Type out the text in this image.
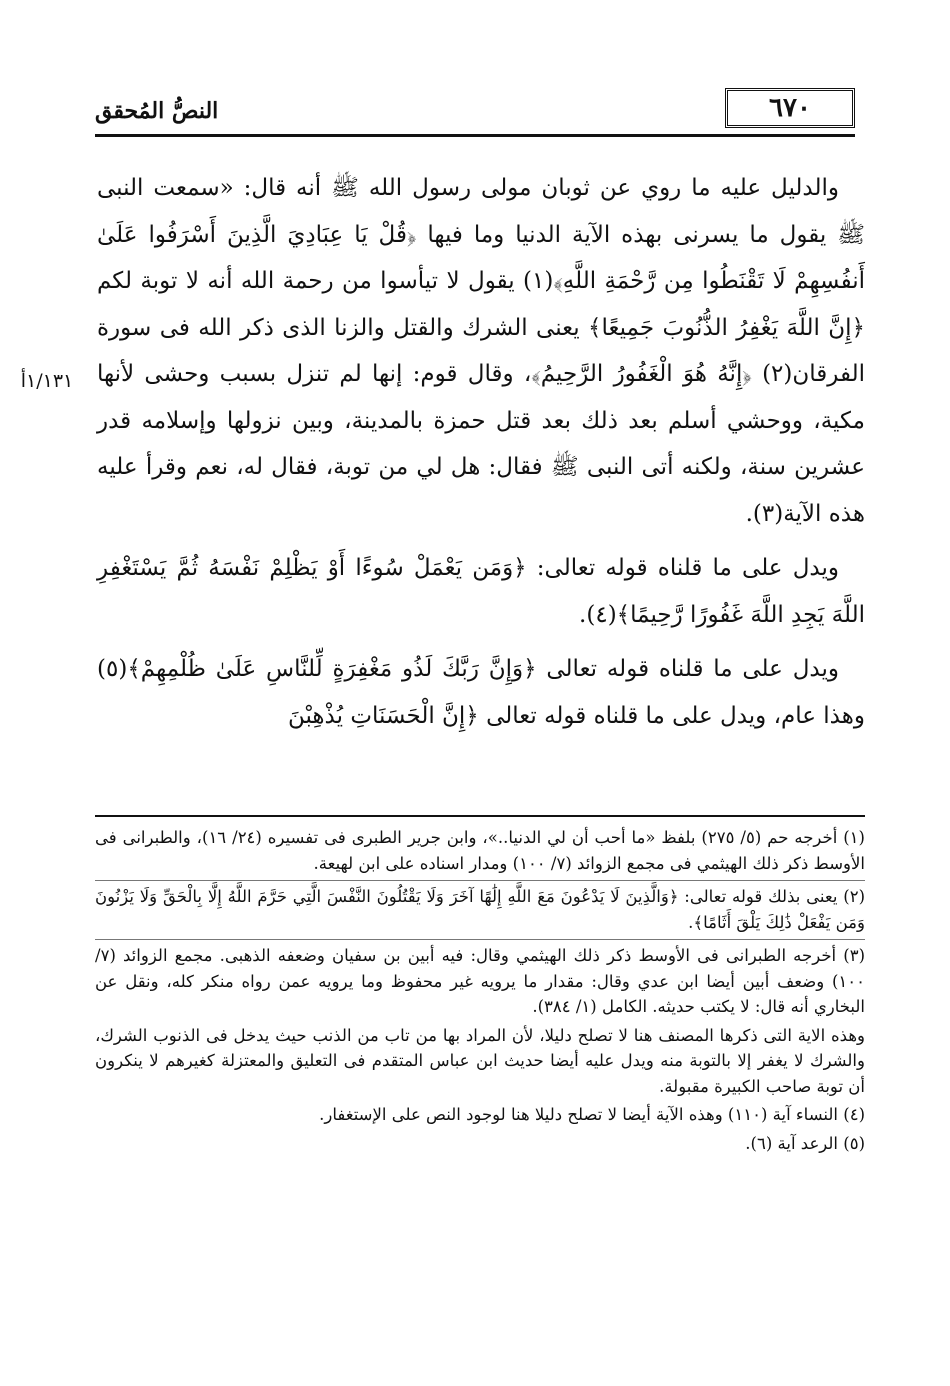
٦٧٠
النصُّ المُحقق
١/١٣١أ

والدليل عليه ما روي عن ثوبان مولى رسول الله ﷺ أنه قال: «سمعت النبى ﷺ يقول ما يسرنى بهذه الآية الدنيا وما فيها ﴿قُلْ يَا عِبَادِيَ الَّذِينَ أَسْرَفُوا عَلَىٰ أَنفُسِهِمْ لَا تَقْنَطُوا مِن رَّحْمَةِ اللَّهِ﴾(١) يقول لا تيأسوا من رحمة الله أنه لا توبة لكم ﴿إِنَّ اللَّهَ يَغْفِرُ الذُّنُوبَ جَمِيعًا﴾ يعنى الشرك والقتل والزنا الذى ذكر الله فى سورة الفرقان(٢) ﴿إِنَّهُ هُوَ الْغَفُورُ الرَّحِيمُ﴾، وقال قوم: إنها لم تنزل بسبب وحشى لأنها مكية، ووحشي أسلم بعد ذلك بعد قتل حمزة بالمدينة، وبين نزولها وإسلامه قدر عشرين سنة، ولكنه أتى النبى ﷺ فقال: هل لي من توبة، فقال له، نعم وقرأ عليه هذه الآية(٣).

ويدل على ما قلناه قوله تعالى: ﴿وَمَن يَعْمَلْ سُوءًا أَوْ يَظْلِمْ نَفْسَهُ ثُمَّ يَسْتَغْفِرِ اللَّهَ يَجِدِ اللَّهَ غَفُورًا رَّحِيمًا﴾(٤).

ويدل على ما قلناه قوله تعالى ﴿وَإِنَّ رَبَّكَ لَذُو مَغْفِرَةٍ لِّلنَّاسِ عَلَىٰ ظُلْمِهِمْ﴾(٥) وهذا عام، ويدل على ما قلناه قوله تعالى ﴿إِنَّ الْحَسَنَاتِ يُذْهِبْنَ

(١) أخرجه حم (٥/ ٢٧٥) بلفظ «ما أحب أن لي الدنيا..»، وابن جرير الطبرى فى تفسيره (٢٤/ ١٦)، والطبرانى فى الأوسط ذكر ذلك الهيثمي فى مجمع الزوائد (٧/ ١٠٠) ومدار اسناده على ابن لهيعة.

(٢) يعنى بذلك قوله تعالى: ﴿وَالَّذِينَ لَا يَدْعُونَ مَعَ اللَّهِ إِلَٰهًا آخَرَ وَلَا يَقْتُلُونَ النَّفْسَ الَّتِي حَرَّمَ اللَّهُ إِلَّا بِالْحَقِّ وَلَا يَزْنُونَ وَمَن يَفْعَلْ ذَٰلِكَ يَلْقَ أَثَامًا﴾.

(٣) أخرجه الطبرانى فى الأوسط ذكر ذلك الهيثمي وقال: فيه أبين بن سفيان وضعفه الذهبى. مجمع الزوائد (٧/ ١٠٠) وضعف أبين أيضا ابن عدي وقال: مقدار ما يرويه غير محفوظ وما يرويه عمن رواه منكر كله، ونقل عن البخاري أنه قال: لا يكتب حديثه. الكامل (١/ ٣٨٤).

وهذه الاية التى ذكرها المصنف هنا لا تصلح دليلا، لأن المراد بها من تاب من الذنب حيث يدخل فى الذنوب الشرك، والشرك لا يغفر إلا بالتوبة منه ويدل عليه أيضا حديث ابن عباس المتقدم فى التعليق والمعتزلة كغيرهم لا ينكرون أن توبة صاحب الكبيرة مقبولة.

(٤) النساء آية (١١٠) وهذه الآية أيضا لا تصلح دليلا هنا لوجود النص على الإستغفار.

(٥) الرعد آية (٦).
